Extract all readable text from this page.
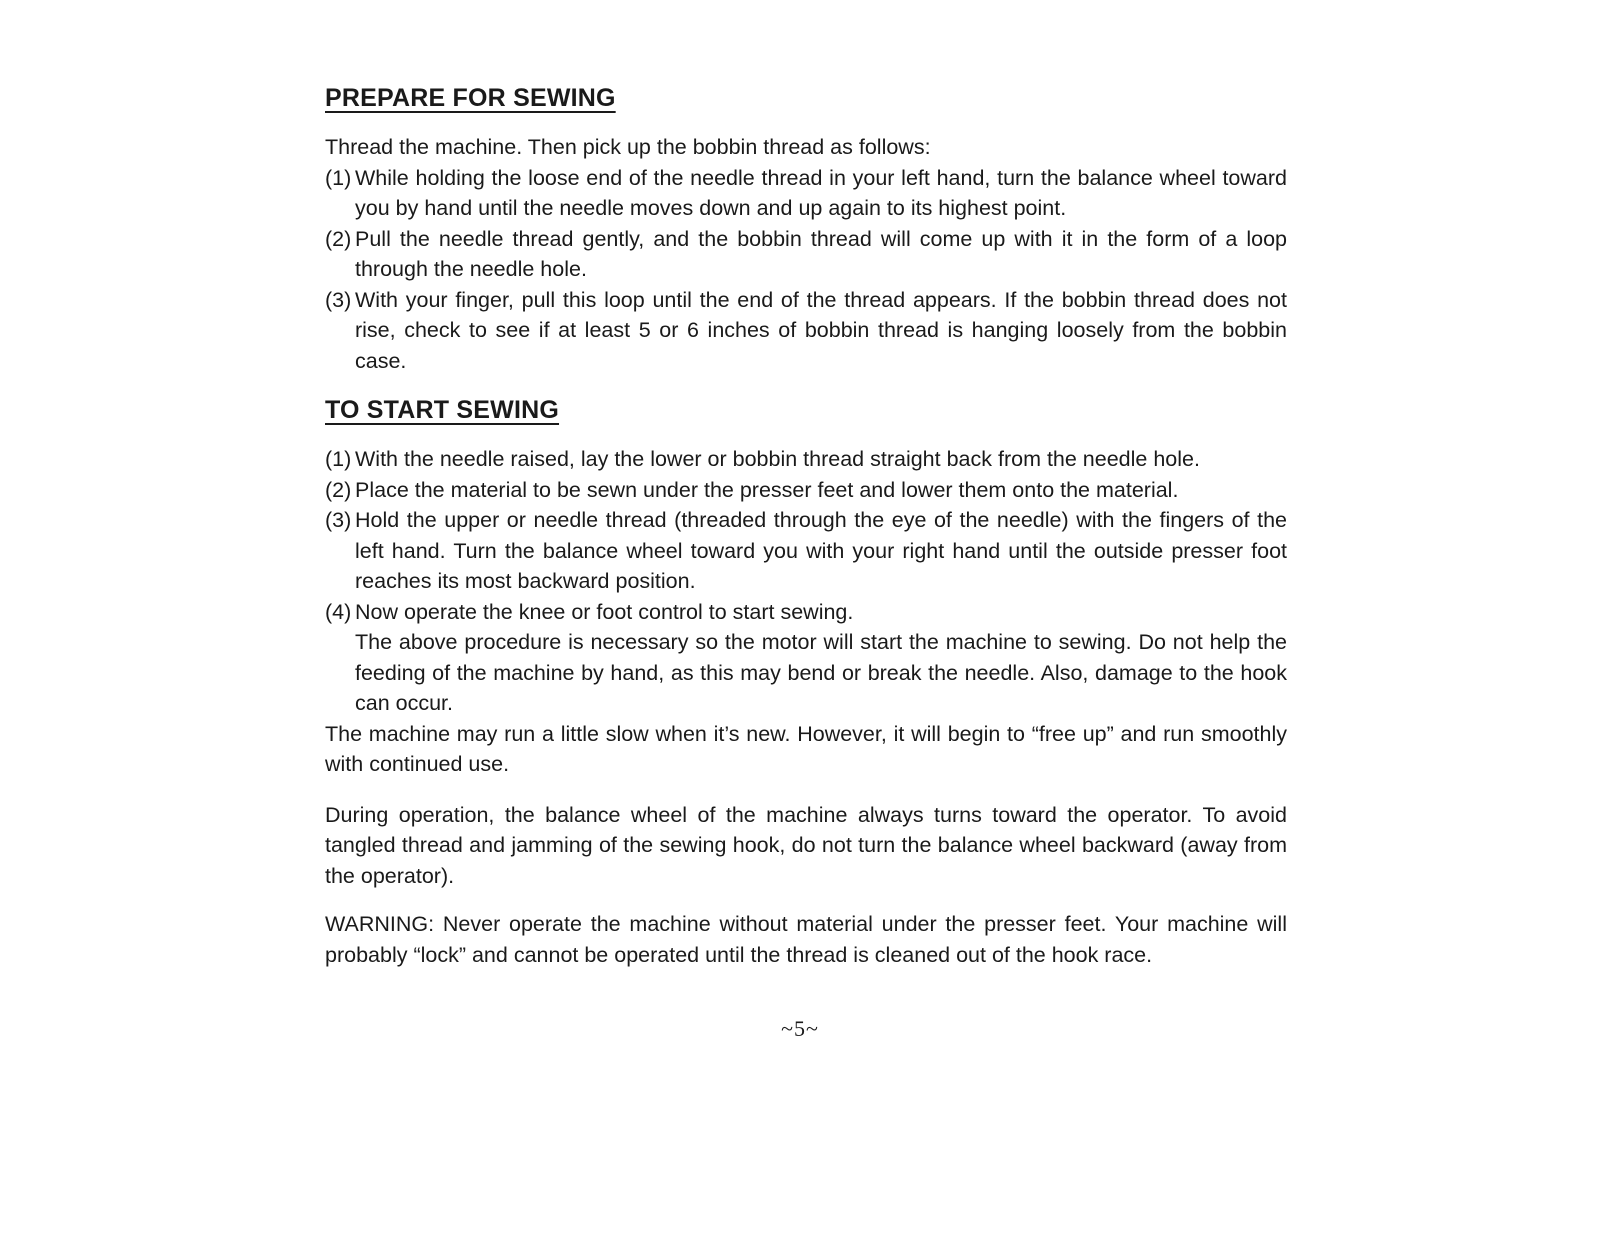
PREPARE FOR SEWING

Thread the machine. Then pick up the bobbin thread as follows:

(1) While holding the loose end of the needle thread in your left hand, turn the balance wheel toward you by hand until the needle moves down and up again to its highest point.
(2) Pull the needle thread gently, and the bobbin thread will come up with it in the form of a loop through the needle hole.
(3) With your finger, pull this loop until the end of the thread appears. If the bobbin thread does not rise, check to see if at least 5 or 6 inches of bobbin thread is hanging loosely from the bobbin case.
TO START SEWING
(1) With the needle raised, lay the lower or bobbin thread straight back from the needle hole.
(2) Place the material to be sewn under the presser feet and lower them onto the material.
(3) Hold the upper or needle thread (threaded through the eye of the needle) with the fingers of the left hand. Turn the balance wheel toward you with your right hand until the outside presser foot reaches its most backward position.
(4) Now operate the knee or foot control to start sewing.
The above procedure is necessary so the motor will start the machine to sewing. Do not help the feeding of the machine by hand, as this may bend or break the needle. Also, damage to the hook can occur.

The machine may run a little slow when it’s new. However, it will begin to “free up” and run smoothly with continued use.

During operation, the balance wheel of the machine always turns toward the operator. To avoid tangled thread and jamming of the sewing hook, do not turn the balance wheel backward (away from the operator).

WARNING: Never operate the machine without material under the presser feet. Your machine will probably “lock” and cannot be operated until the thread is cleaned out of the hook race.

~5~
